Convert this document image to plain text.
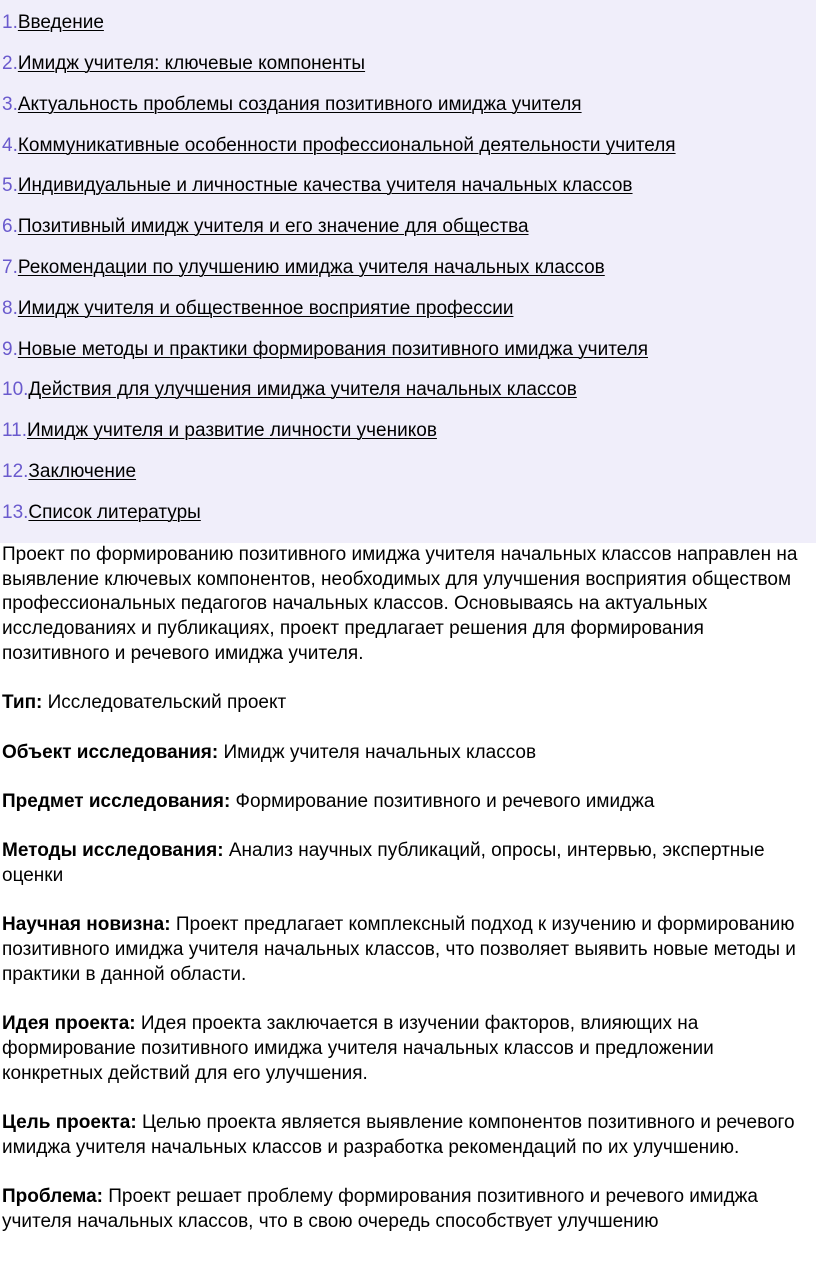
1.Введение
2.Имидж учителя: ключевые компоненты
3.Актуальность проблемы создания позитивного имиджа учителя
4.Коммуникативные особенности профессиональной деятельности учителя
5.Индивидуальные и личностные качества учителя начальных классов
6.Позитивный имидж учителя и его значение для общества
7.Рекомендации по улучшению имиджа учителя начальных классов
8.Имидж учителя и общественное восприятие профессии
9.Новые методы и практики формирования позитивного имиджа учителя
10.Действия для улучшения имиджа учителя начальных классов
11.Имидж учителя и развитие личности учеников
12.Заключение
13.Список литературы

Проект по формированию позитивного имиджа учителя начальных классов направлен на выявление ключевых компонентов, необходимых для улучшения восприятия обществом профессиональных педагогов начальных классов. Основываясь на актуальных исследованиях и публикациях, проект предлагает решения для формирования позитивного и речевого имиджа учителя.

Тип: Исследовательский проект

Объект исследования: Имидж учителя начальных классов

Предмет исследования: Формирование позитивного и речевого имиджа

Методы исследования: Анализ научных публикаций, опросы, интервью, экспертные оценки

Научная новизна: Проект предлагает комплексный подход к изучению и формированию позитивного имиджа учителя начальных классов, что позволяет выявить новые методы и практики в данной области.

Идея проекта: Идея проекта заключается в изучении факторов, влияющих на формирование позитивного имиджа учителя начальных классов и предложении конкретных действий для его улучшения.

Цель проекта: Целью проекта является выявление компонентов позитивного и речевого имиджа учителя начальных классов и разработка рекомендаций по их улучшению.

Проблема: Проект решает проблему формирования позитивного и речевого имиджа учителя начальных классов, что в свою очередь способствует улучшению
